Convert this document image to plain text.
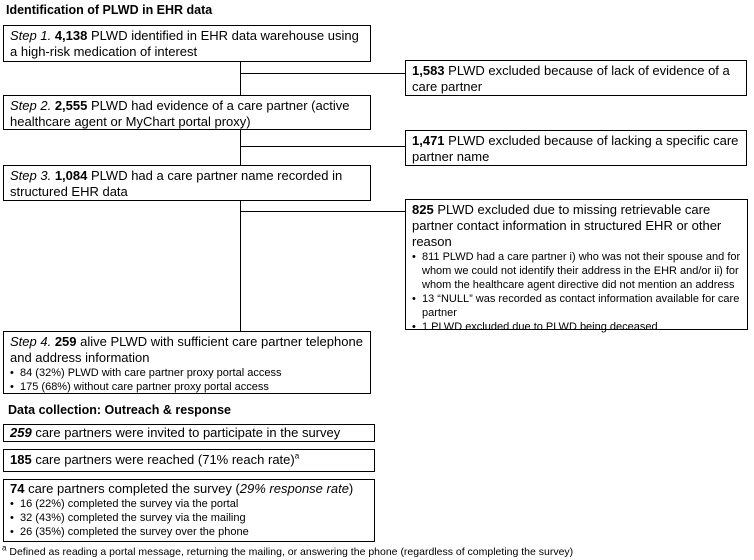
Identification of PLWD in EHR data
Step 1. 4,138 PLWD identified in EHR data warehouse using a high-risk medication of interest
1,583 PLWD excluded because of lack of evidence of a care partner
Step 2. 2,555 PLWD had evidence of a care partner (active healthcare agent or MyChart portal proxy)
1,471 PLWD excluded because of lacking a specific care partner name
Step 3. 1,084 PLWD had a care partner name recorded in structured EHR data
825 PLWD excluded due to missing retrievable care partner contact information in structured EHR or other reason
• 811 PLWD had a care partner i) who was not their spouse and for whom we could not identify their address in the EHR and/or ii) for whom the healthcare agent directive did not mention an address
• 13 “NULL” was recorded as contact information available for care partner
• 1 PLWD excluded due to PLWD being deceased
Step 4. 259 alive PLWD with sufficient care partner telephone and address information
• 84 (32%) PLWD with care partner proxy portal access
• 175 (68%) without care partner proxy portal access
Data collection: Outreach & response
259 care partners were invited to participate in the survey
185 care partners were reached (71% reach rate)$^a$
74 care partners completed the survey (29% response rate)
• 16 (22%) completed the survey via the portal
• 32 (43%) completed the survey via the mailing
• 26 (35%) completed the survey over the phone
$^a$ Defined as reading a portal message, returning the mailing, or answering the phone (regardless of completing the survey)
